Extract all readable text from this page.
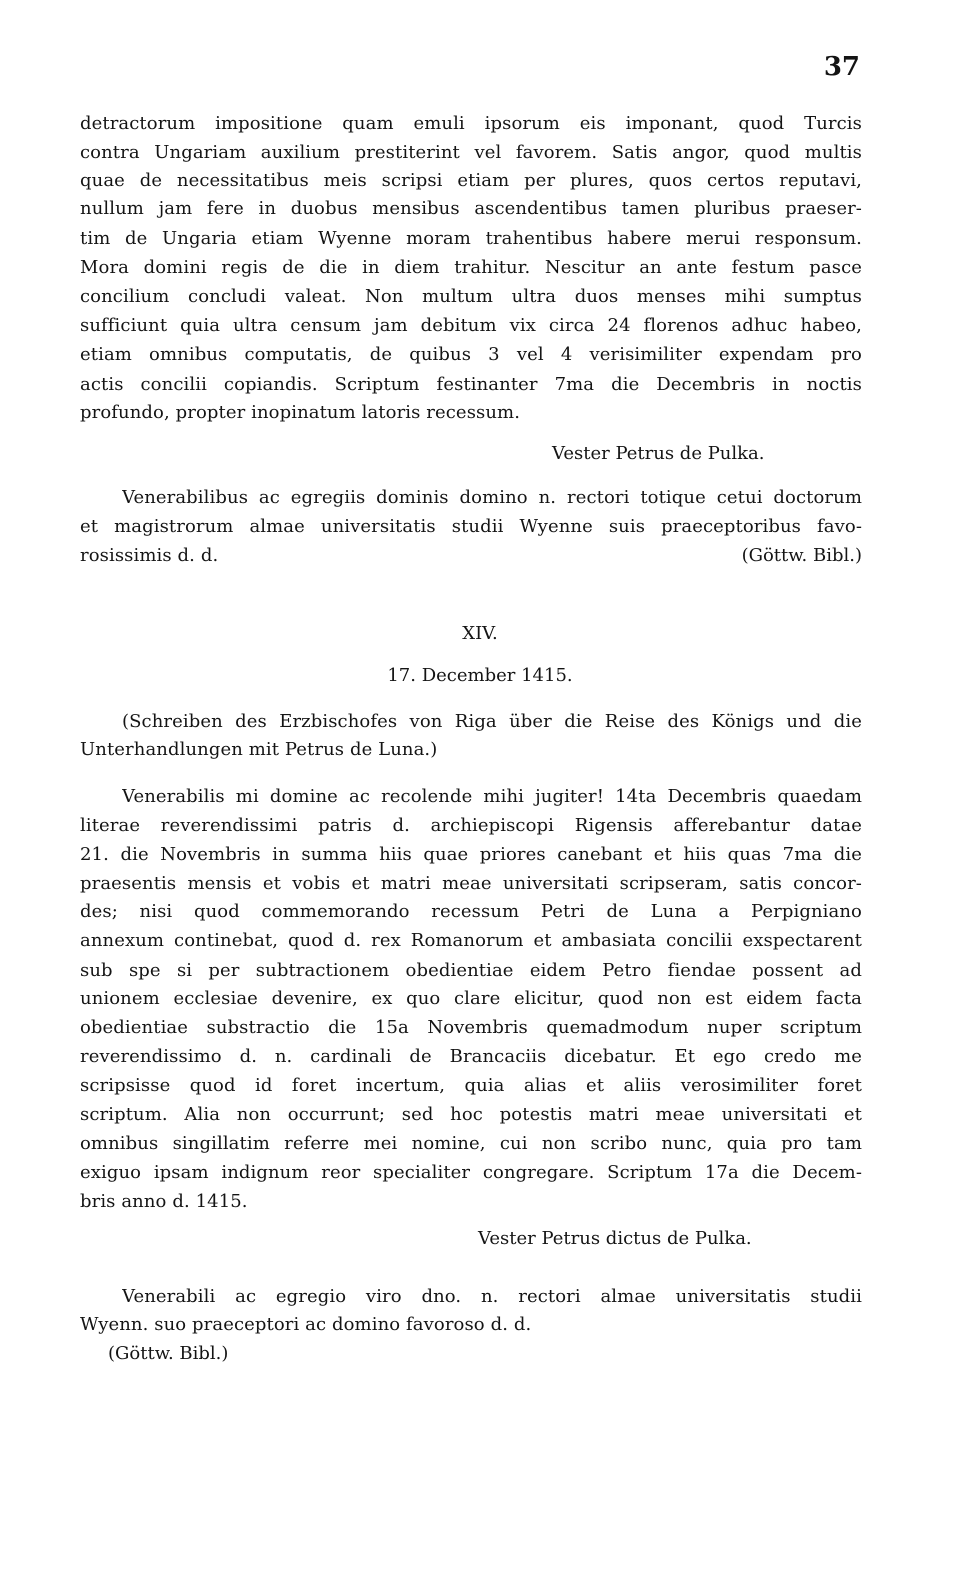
37
detractorum impositione quam emuli ipsorum eis imponant, quod Turcis
contra Ungariam auxilium prestiterint vel favorem. Satis angor, quod multis
quae de necessitatibus meis scripsi etiam per plures, quos certos reputavi,
nullum jam fere in duobus mensibus ascendentibus tamen pluribus praeser-
tim de Ungaria etiam Wyenne moram trahentibus habere merui responsum.
Mora domini regis de die in diem trahitur. Nescitur an ante festum pasce
concilium concludi valeat. Non multum ultra duos menses mihi sumptus
sufficiunt quia ultra censum jam debitum vix circa 24 florenos adhuc habeo,
etiam omnibus computatis, de quibus 3 vel 4 verisimiliter expendam pro
actis concilii copiandis. Scriptum festinanter 7ma die Decembris in noctis
profundo, propter inopinatum latoris recessum.
Vester Petrus de Pulka.
Venerabilibus ac egregiis dominis domino n. rectori totique cetui doctorum
et magistrorum almae universitatis studii Wyenne suis praeceptoribus favo-
rosissimis d. d.	(Göttw. Bibl.)
XIV.
17. December 1415.
(Schreiben des Erzbischofes von Riga über die Reise des Königs und die
Unterhandlungen mit Petrus de Luna.)
Venerabilis mi domine ac recolende mihi jugiter! 14ta Decembris quaedam
literae reverendissimi patris d. archiepiscopi Rigensis afferebantur datae
21. die Novembris in summa hiis quae priores canebant et hiis quas 7ma die
praesentis mensis et vobis et matri meae universitati scripseram, satis concor-
des; nisi quod commemorando recessum Petri de Luna a Perpigniano
annexum continebat, quod d. rex Romanorum et ambasiata concilii exspectarent
sub spe si per subtractionem obedientiae eidem Petro fiendae possent ad
unionem ecclesiae devenire, ex quo clare elicitur, quod non est eidem facta
obedientiae substractio die 15a Novembris quemadmodum nuper scriptum
reverendissimo d. n. cardinali de Brancaciis dicebatur. Et ego credo me
scripsisse quod id foret incertum, quia alias et aliis verosimiliter foret
scriptum. Alia non occurrunt; sed hoc potestis matri meae universitati et
omnibus singillatim referre mei nomine, cui non scribo nunc, quia pro tam
exiguo ipsam indignum reor specialiter congregare. Scriptum 17a die Decem-
bris anno d. 1415.
Vester Petrus dictus de Pulka.
Venerabili ac egregio viro dno. n. rectori almae universitatis studii
Wyenn. suo praeceptori ac domino favoroso d. d.
(Göttw. Bibl.)
